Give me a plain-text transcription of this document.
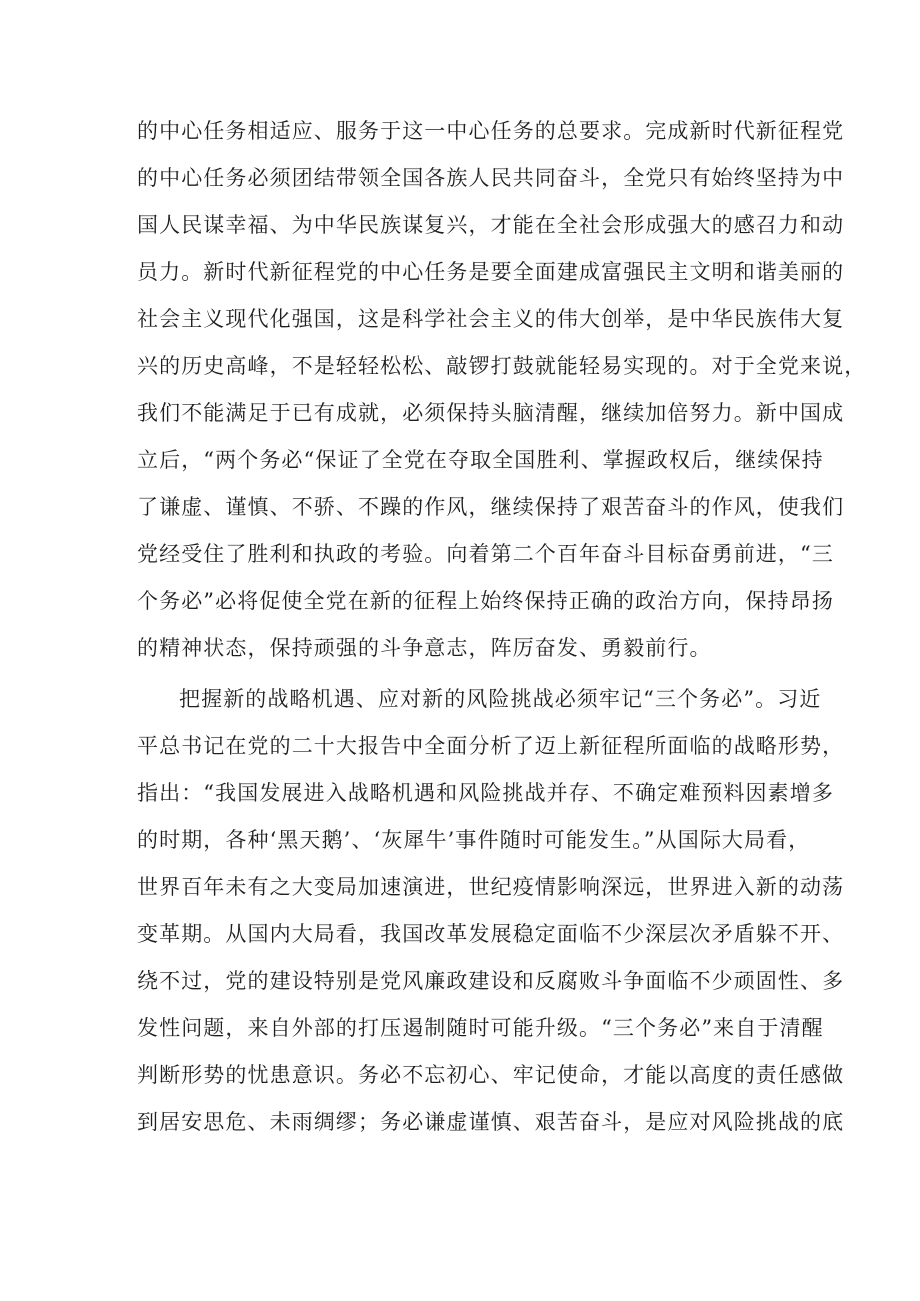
的中心任务相适应、服务于这一中心任务的总要求。完成新时代新征程党
的中心任务必须团结带领全国各族人民共同奋斗，全党只有始终坚持为中
国人民谋幸福、为中华民族谋复兴，才能在全社会形成强大的感召力和动
员力。新时代新征程党的中心任务是要全面建成富强民主文明和谐美丽的
社会主义现代化强国，这是科学社会主义的伟大创举，是中华民族伟大复
兴的历史高峰，不是轻轻松松、敲锣打鼓就能轻易实现的。对于全党来说，
我们不能满足于已有成就，必须保持头脑清醒，继续加倍努力。新中国成
立后，“两个务必“保证了全党在夺取全国胜利、掌握政权后，继续保持
了谦虚、谨慎、不骄、不躁的作风，继续保持了艰苦奋斗的作风，使我们
党经受住了胜利和执政的考验。向着第二个百年奋斗目标奋勇前进，“三
个务必”必将促使全党在新的征程上始终保持正确的政治方向，保持昂扬
的精神状态，保持顽强的斗争意志，阵厉奋发、勇毅前行。
把握新的战略机遇、应对新的风险挑战必须牢记“三个务必”。习近
平总书记在党的二十大报告中全面分析了迈上新征程所面临的战略形势，
指出：“我国发展进入战略机遇和风险挑战并存、不确定难预料因素增多
的时期，各种‘黑天鹅’、‘灰犀牛’事件随时可能发生。”从国际大局看，
世界百年未有之大变局加速演进，世纪疫情影响深远，世界进入新的动荡
变革期。从国内大局看，我国改革发展稳定面临不少深层次矛盾躲不开、
绕不过，党的建设特别是党风廉政建设和反腐败斗争面临不少顽固性、多
发性问题，来自外部的打压遏制随时可能升级。“三个务必”来自于清醒
判断形势的忧患意识。务必不忘初心、牢记使命，才能以高度的责任感做
到居安思危、未雨绸缪；务必谦虚谨慎、艰苦奋斗，是应对风险挑战的底
